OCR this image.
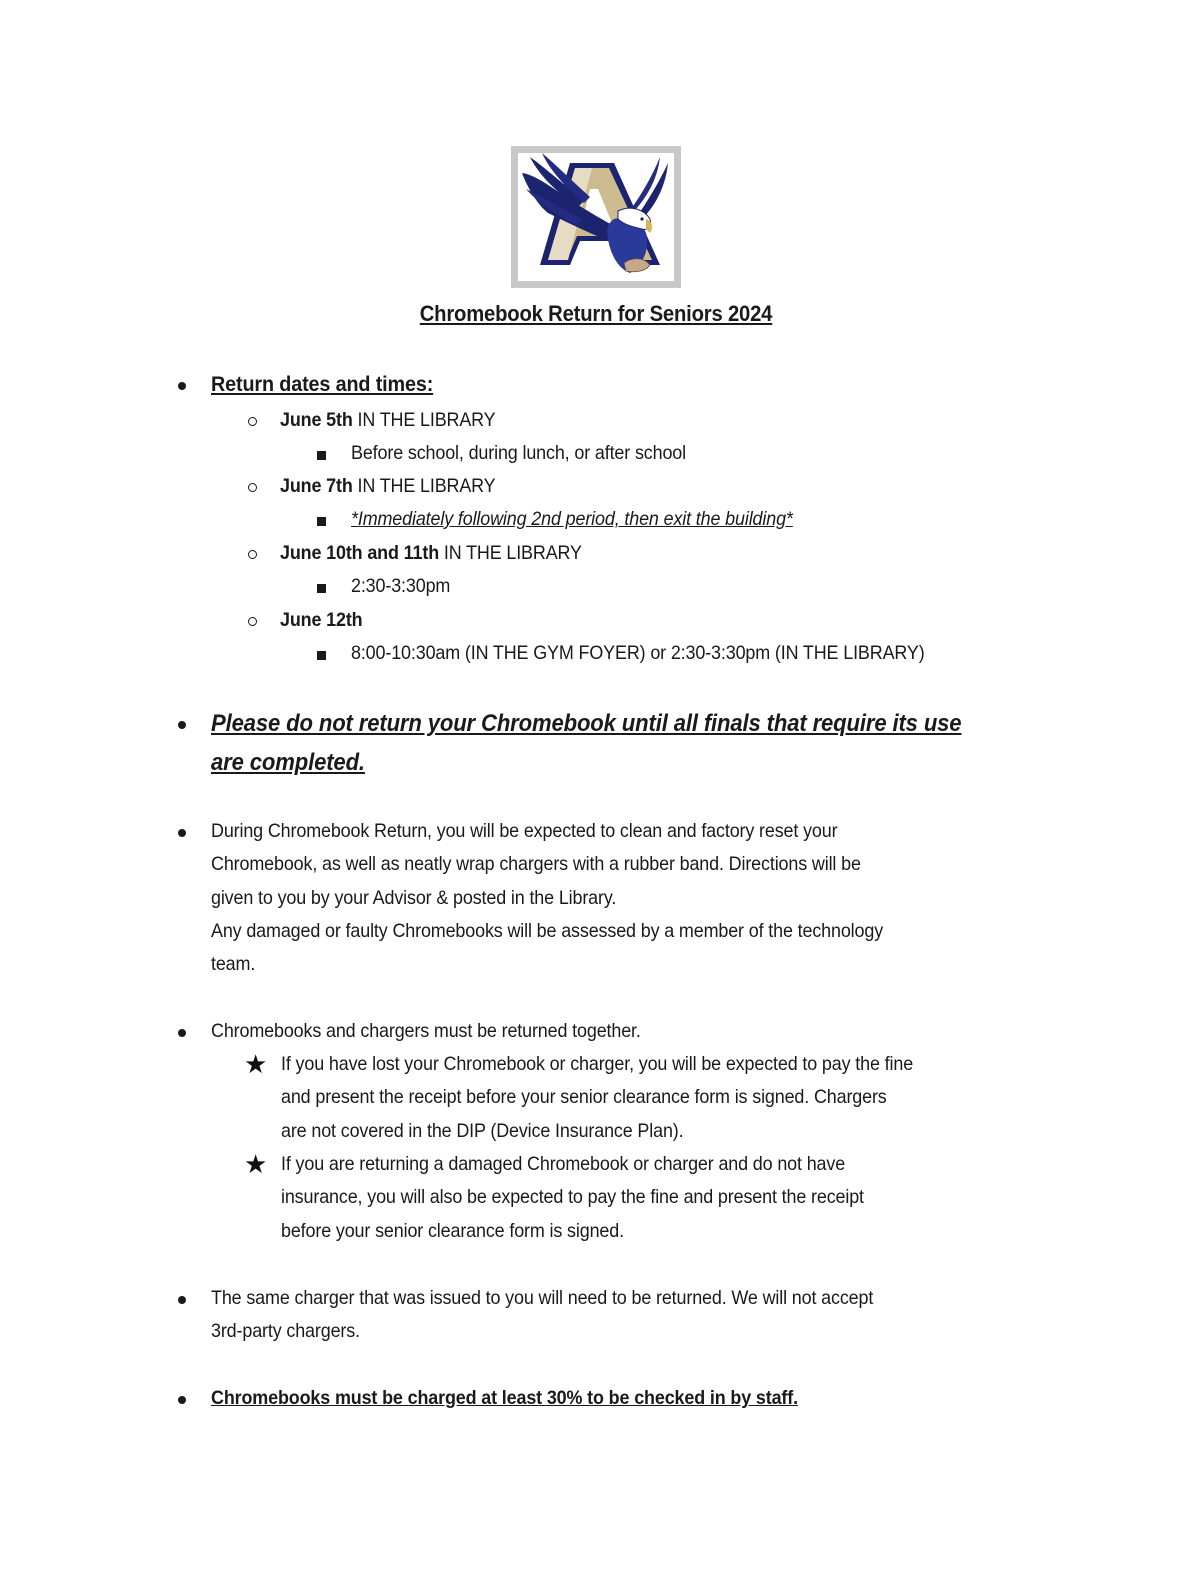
Chromebook Return for Seniors 2024
Return dates and times:
June 5th IN THE LIBRARY
Before school, during lunch, or after school
June 7th IN THE LIBRARY
*Immediately following 2nd period, then exit the building*
June 10th and 11th IN THE LIBRARY
2:30-3:30pm
June 12th
8:00-10:30am (IN THE GYM FOYER) or 2:30-3:30pm (IN THE LIBRARY)
Please do not return your Chromebook until all finals that require its use
are completed.
During Chromebook Return, you will be expected to clean and factory reset your
Chromebook, as well as neatly wrap chargers with a rubber band. Directions will be
given to you by your Advisor & posted in the Library.
Any damaged or faulty Chromebooks will be assessed by a member of the technology
team.
Chromebooks and chargers must be returned together.
★ If you have lost your Chromebook or charger, you will be expected to pay the fine
and present the receipt before your senior clearance form is signed. Chargers
are not covered in the DIP (Device Insurance Plan).
★ If you are returning a damaged Chromebook or charger and do not have
insurance, you will also be expected to pay the fine and present the receipt
before your senior clearance form is signed.
The same charger that was issued to you will need to be returned. We will not accept
3rd-party chargers.
Chromebooks must be charged at least 30% to be checked in by staff.
